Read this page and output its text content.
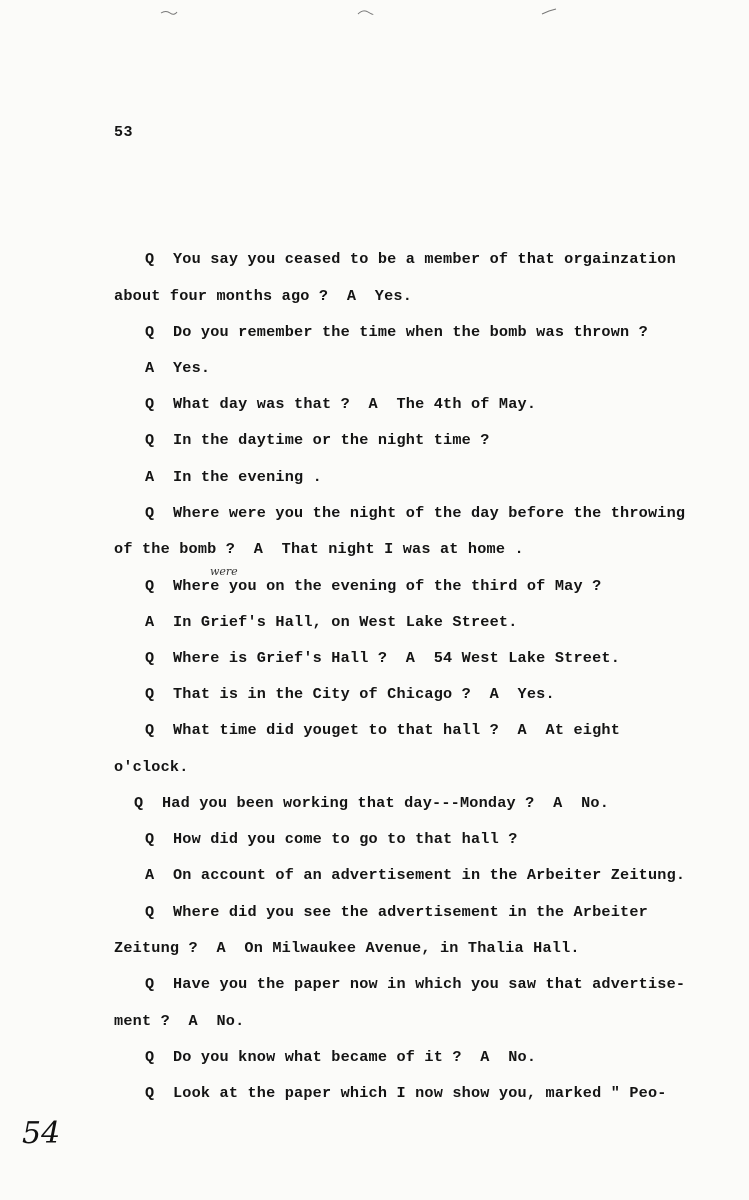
53
were
Q  You say you ceased to be a member of that orgainzation
about four months ago ?  A  Yes.
Q  Do you remember the time when the bomb was thrown ?
A  Yes.
Q  What day was that ?  A  The 4th of May.
Q  In the daytime or the night time ?
A  In the evening .
Q  Where were you the night of the day before the throwing
of the bomb ?  A  That night I was at home .
Q  Where you on the evening of the third of May ?
A  In Grief's Hall, on West Lake Street.
Q  Where is Grief's Hall ?  A  54 West Lake Street.
Q  That is in the City of Chicago ?  A  Yes.
Q  What time did youget to that hall ?  A  At eight
o'clock.
Q  Had you been working that day---Monday ?  A  No.
Q  How did you come to go to that hall ?
A  On account of an advertisement in the Arbeiter Zeitung.
Q  Where did you see the advertisement in the Arbeiter
Zeitung ?  A  On Milwaukee Avenue, in Thalia Hall.
Q  Have you the paper now in which you saw that advertise-
ment ?  A  No.
Q  Do you know what became of it ?  A  No.
Q  Look at the paper which I now show you, marked " Peo-
54
